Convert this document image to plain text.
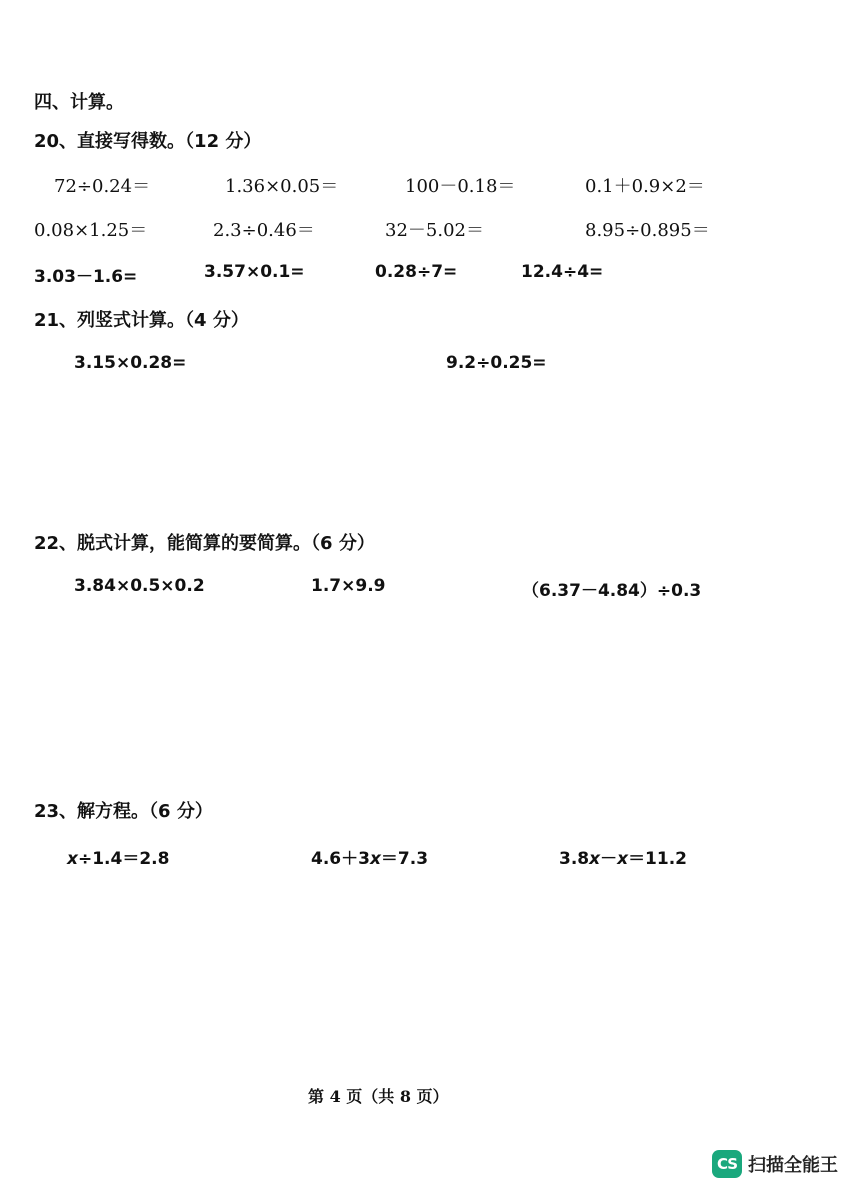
四、计算。
20、直接写得数。（12 分）
72÷0.24＝	1.36×0.05＝	100－0.18＝	0.1＋0.9×2＝
0.08×1.25＝	2.3÷0.46＝	32－5.02＝	8.95÷0.895＝
3.03－1.6=	3.57×0.1=	0.28÷7=	12.4÷4=
21、列竖式计算。（4 分）
3.15×0.28=	9.2÷0.25=
22、脱式计算，能简算的要简算。（6 分）
3.84×0.5×0.2	1.7×9.9	（6.37－4.84）÷0.3
23、解方程。（6 分）
x÷1.4＝2.8	4.6＋3x＝7.3	3.8x－x＝11.2
第 4 页（共 8 页）
CS 扫描全能王
